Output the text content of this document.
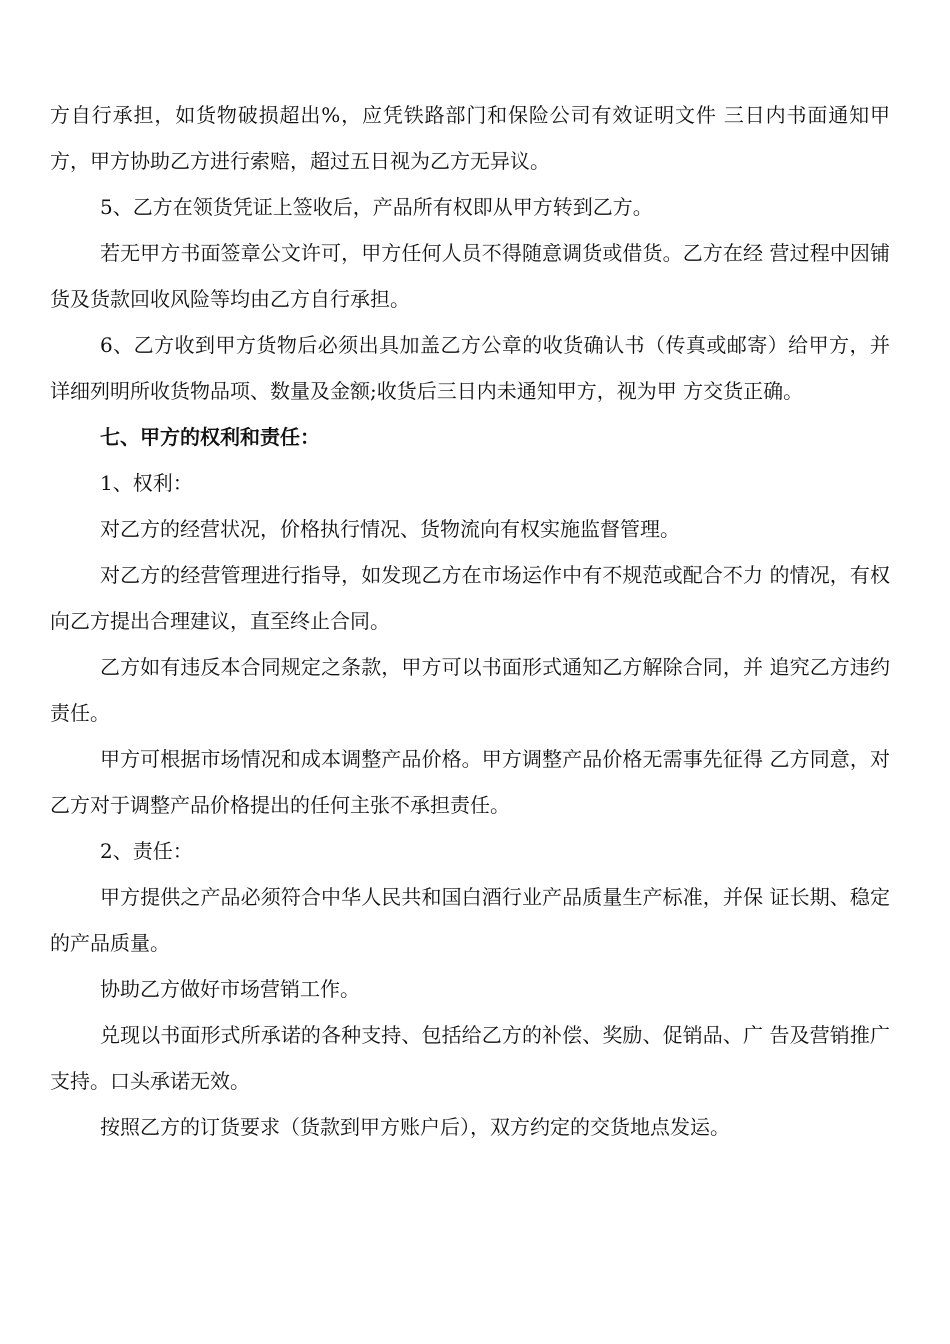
方自行承担，如货物破损超出%，应凭铁路部门和保险公司有效证明文件 三日内书面通知甲方，甲方协助乙方进行索赔，超过五日视为乙方无异议。

5、乙方在领货凭证上签收后，产品所有权即从甲方转到乙方。

若无甲方书面签章公文许可，甲方任何人员不得随意调货或借货。乙方在经 营过程中因铺货及货款回收风险等均由乙方自行承担。

6、乙方收到甲方货物后必须出具加盖乙方公章的收货确认书（传真或邮寄）给甲方，并详细列明所收货物品项、数量及金额;收货后三日内未通知甲方，视为甲 方交货正确。

七、甲方的权利和责任：

1、权利：

对乙方的经营状况，价格执行情况、货物流向有权实施监督管理。

对乙方的经营管理进行指导，如发现乙方在市场运作中有不规范或配合不力 的情况，有权向乙方提出合理建议，直至终止合同。

乙方如有违反本合同规定之条款，甲方可以书面形式通知乙方解除合同，并 追究乙方违约责任。

甲方可根据市场情况和成本调整产品价格。甲方调整产品价格无需事先征得 乙方同意，对乙方对于调整产品价格提出的任何主张不承担责任。

2、责任：

甲方提供之产品必须符合中华人民共和国白酒行业产品质量生产标准，并保 证长期、稳定的产品质量。

协助乙方做好市场营销工作。

兑现以书面形式所承诺的各种支持、包括给乙方的补偿、奖励、促销品、广 告及营销推广支持。口头承诺无效。

按照乙方的订货要求（货款到甲方账户后），双方约定的交货地点发运。
